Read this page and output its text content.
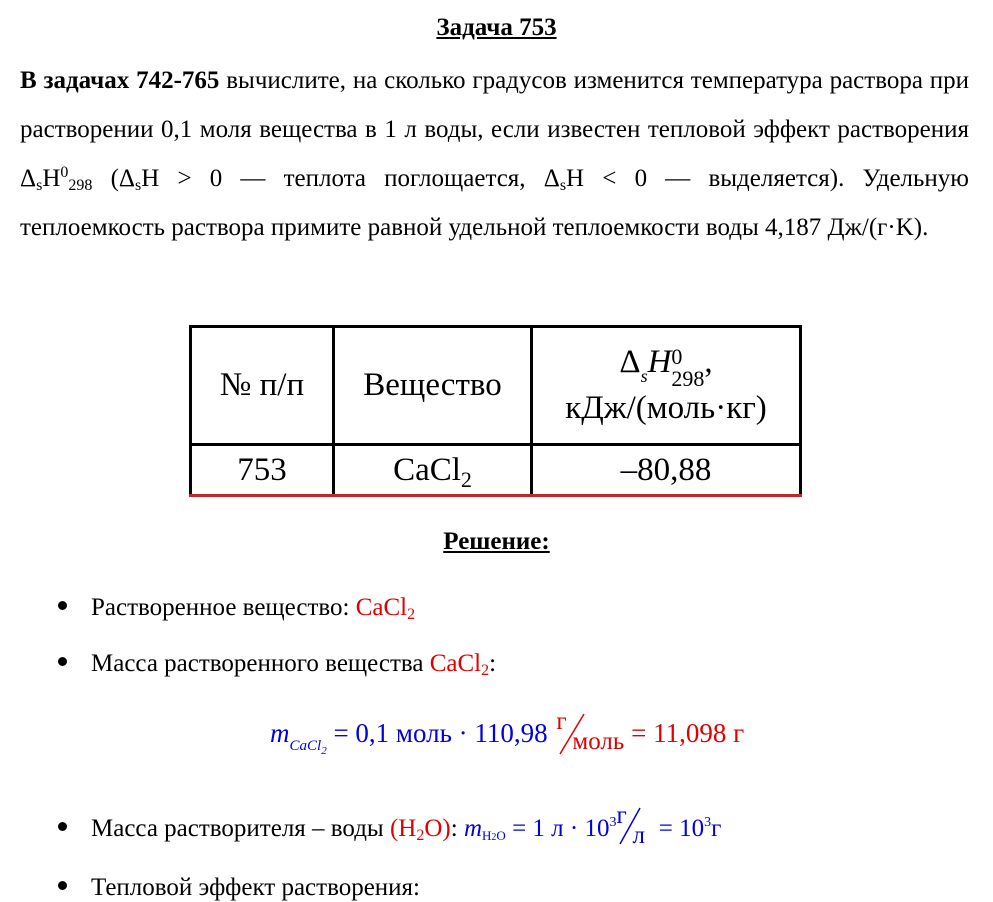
Задача 753
В задачах 742-765 вычислите, на сколько градусов изменится температура раствора при растворении 0,1 моля вещества в 1 л воды, если известен тепловой эффект растворения $\Delta_sH^0_{298}$ ($\Delta_sH > 0$ — теплота поглощается, $\Delta_sH < 0$ — выделяется). Удельную теплоемкость раствора примите равной удельной теплоемкости воды 4,187 Дж/(г·K).
№ п/п	Вещество	$\Delta_sH$ 0
298 ,
кДж/(моль·кг)

753	CaCl$_2$	–80,88
Решение:
Растворенное вещество: CaCl$_2$
Масса растворенного вещества CaCl$_2$:
$m_{CaCl_2} = 0,1$ моль · 110,98 г
моль = 11,098 г
Масса растворителя – воды $(H_2O)$: $m_{H2O} = 1$ $л \cdot 10^3$ г
$л = 10^3г$
Тепловой эффект растворения:
